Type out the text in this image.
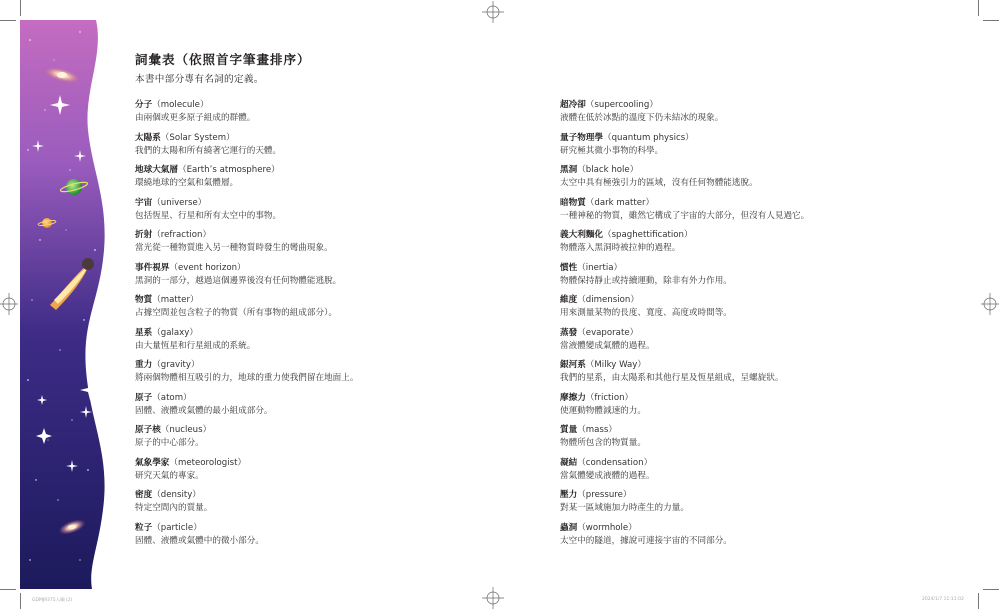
詞彙表（依照首字筆畫排序）

本書中部分專有名詞的定義。

分子（molecule）
由兩個或更多原子組成的群體。
太陽系（Solar System）
我們的太陽和所有繞著它運行的天體。
地球大氣層（Earth’s atmosphere）
環繞地球的空氣和氣體層。
宇宙（universe）
包括恆星、行星和所有太空中的事物。
折射（refraction）
當光從一種物質進入另一種物質時發生的彎曲現象。
事件視界（event horizon）
黑洞的一部分，越過這個邊界後沒有任何物體能逃脫。
物質（matter）
占據空間並包含粒子的物質（所有事物的組成部分）。
星系（galaxy）
由大量恆星和行星組成的系統。
重力（gravity）
將兩個物體相互吸引的力，地球的重力使我們留在地面上。
原子（atom）
固體、液體或氣體的最小組成部分。
原子核（nucleus）
原子的中心部分。
氣象學家（meteorologist）
研究天氣的專家。
密度（density）
特定空間內的質量。
粒子（particle）
固體、液體或氣體中的微小部分。
超冷卻（supercooling）
液體在低於冰點的溫度下仍未結冰的現象。
量子物理學（quantum physics）
研究極其微小事物的科學。
黑洞（black hole）
太空中具有極強引力的區域，沒有任何物體能逃脫。
暗物質（dark matter）
一種神秘的物質，雖然它構成了宇宙的大部分，但沒有人見過它。
義大利麵化（spaghettification）
物體落入黑洞時被拉伸的過程。
慣性（inertia）
物體保持靜止或持續運動，除非有外力作用。
維度（dimension）
用來測量某物的長度、寬度、高度或時間等。
蒸發（evaporate）
當液體變成氣體的過程。
銀河系（Milky Way）
我們的星系，由太陽系和其他行星及恆星組成，呈螺旋狀。
摩擦力（friction）
使運動物體減速的力。
質量（mass）
物體所包含的物質量。
凝結（condensation）
當氣體變成液體的過程。
壓力（pressure）
對某一區域施加力時產生的力量。
蟲洞（wormhole）
太空中的隧道，據說可連接宇宙的不同部分。
GDMJ9375入編 (2)	2024/1/7 11:11:02
